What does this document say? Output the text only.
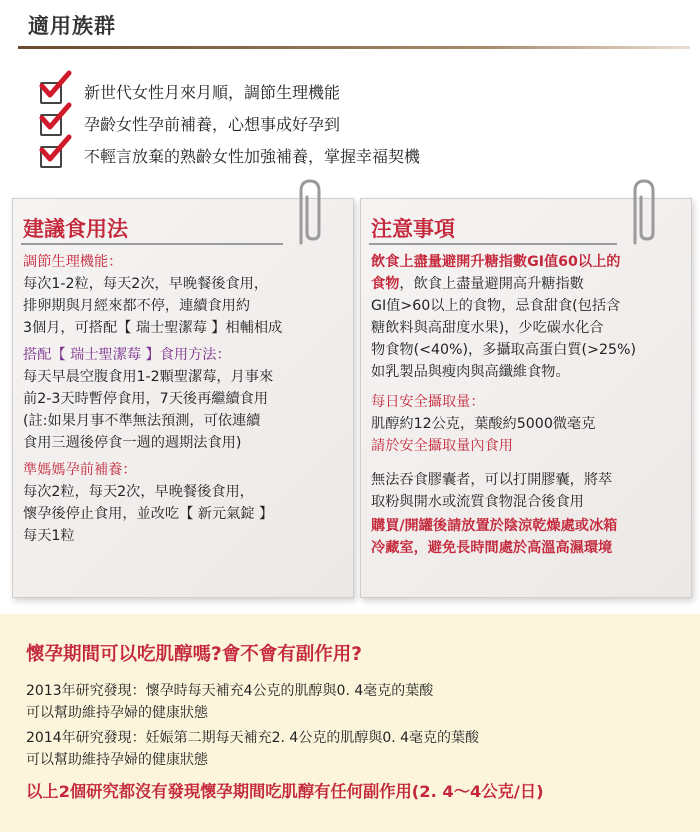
適用族群
新世代女性月來月順，調節生理機能
孕齡女性孕前補養，心想事成好孕到
不輕言放棄的熟齡女性加強補養，掌握幸福契機
建議食用法
調節生理機能：
每次1-2粒，每天2次，早晚餐後食用，
排卵期與月經來都不停，連續食用約
3個月，可搭配【 瑞士聖潔莓 】相輔相成
搭配【 瑞士聖潔莓 】食用方法：
每天早晨空腹食用1-2顆聖潔莓，月事來
前2-3天時暫停食用，7天後再繼續食用
(註:如果月事不準無法預測，可依連續
食用三週後停食一週的週期法食用)
準媽媽孕前補養：
每次2粒，每天2次，早晚餐後食用，
懷孕後停止食用，並改吃【 新元氣錠 】
每天1粒
注意事項
飲食上盡量避開升糖指數GI值60以上的
食物，飲食上盡量避開高升糖指數
GI值>60以上的食物，忌食甜食(包括含
糖飲料與高甜度水果)，少吃碳水化合
物食物(<40%)，多攝取高蛋白質(>25%)
如乳製品與瘦肉與高纖維食物。
每日安全攝取量：
肌醇約12公克，葉酸約5000微毫克
請於安全攝取量內食用
無法吞食膠囊者，可以打開膠囊，將萃
取粉與開水或流質食物混合後食用
購買/開罐後請放置於陰涼乾燥處或冰箱
冷藏室，避免長時間處於高溫高濕環境
懷孕期間可以吃肌醇嗎?會不會有副作用?
2013年研究發現：懷孕時每天補充4公克的肌醇與0. 4毫克的葉酸
可以幫助維持孕婦的健康狀態
2014年研究發現：妊娠第二期每天補充2. 4公克的肌醇與0. 4毫克的葉酸
可以幫助維持孕婦的健康狀態
以上2個研究都沒有發現懷孕期間吃肌醇有任何副作用(2. 4～4公克/日)
